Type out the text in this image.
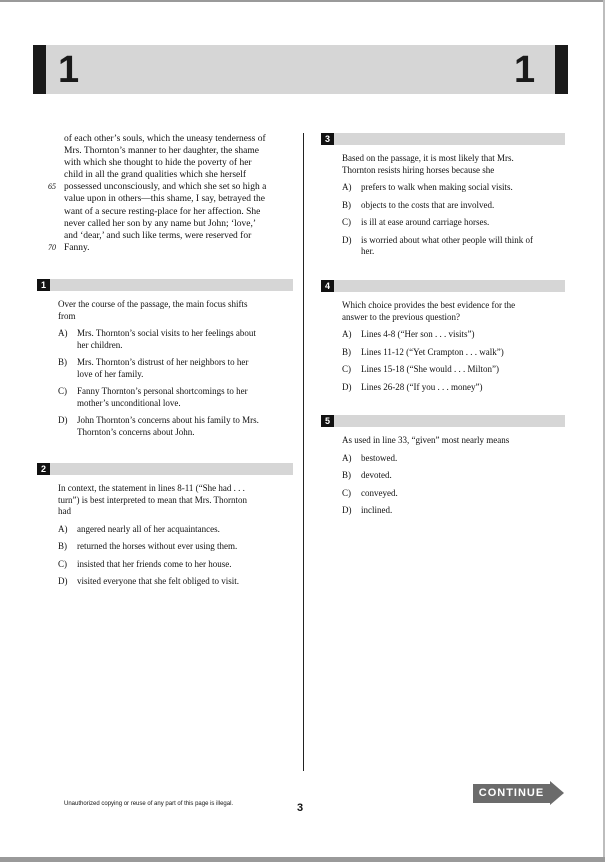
1	1
of each other’s souls, which the uneasy tenderness of
Mrs. Thornton’s manner to her daughter, the shame
with which she thought to hide the poverty of her
child in all the grand qualities which she herself
65 possessed unconsciously, and which she set so high a
value upon in others—this shame, I say, betrayed the
want of a secure resting-place for her affection. She
never called her son by any name but John; ‘love,’
and ‘dear,’ and such like terms, were reserved for
70 Fanny.
1
Over the course of the passage, the main focus shifts
from
A) Mrs. Thornton’s social visits to her feelings about
her children.
B) Mrs. Thornton’s distrust of her neighbors to her
love of her family.
C) Fanny Thornton’s personal shortcomings to her
mother’s unconditional love.
D) John Thornton’s concerns about his family to Mrs.
Thornton’s concerns about John.
2
In context, the statement in lines 8-11 (“She had . . .
turn”) is best interpreted to mean that Mrs. Thornton
had
A) angered nearly all of her acquaintances.
B) returned the horses without ever using them.
C) insisted that her friends come to her house.
D) visited everyone that she felt obliged to visit.
3
Based on the passage, it is most likely that Mrs.
Thornton resists hiring horses because she
A) prefers to walk when making social visits.
B) objects to the costs that are involved.
C) is ill at ease around carriage horses.
D) is worried about what other people will think of
her.
4
Which choice provides the best evidence for the
answer to the previous question?
A) Lines 4-8 (“Her son . . . visits”)
B) Lines 11-12 (“Yet Crampton . . . walk”)
C) Lines 15-18 (“She would . . . Milton”)
D) Lines 26-28 (“If you . . . money”)
5
As used in line 33, “given” most nearly means
A) bestowed.
B) devoted.
C) conveyed.
D) inclined.
CONTINUE
Unauthorized copying or reuse of any part of this page is illegal.	3
